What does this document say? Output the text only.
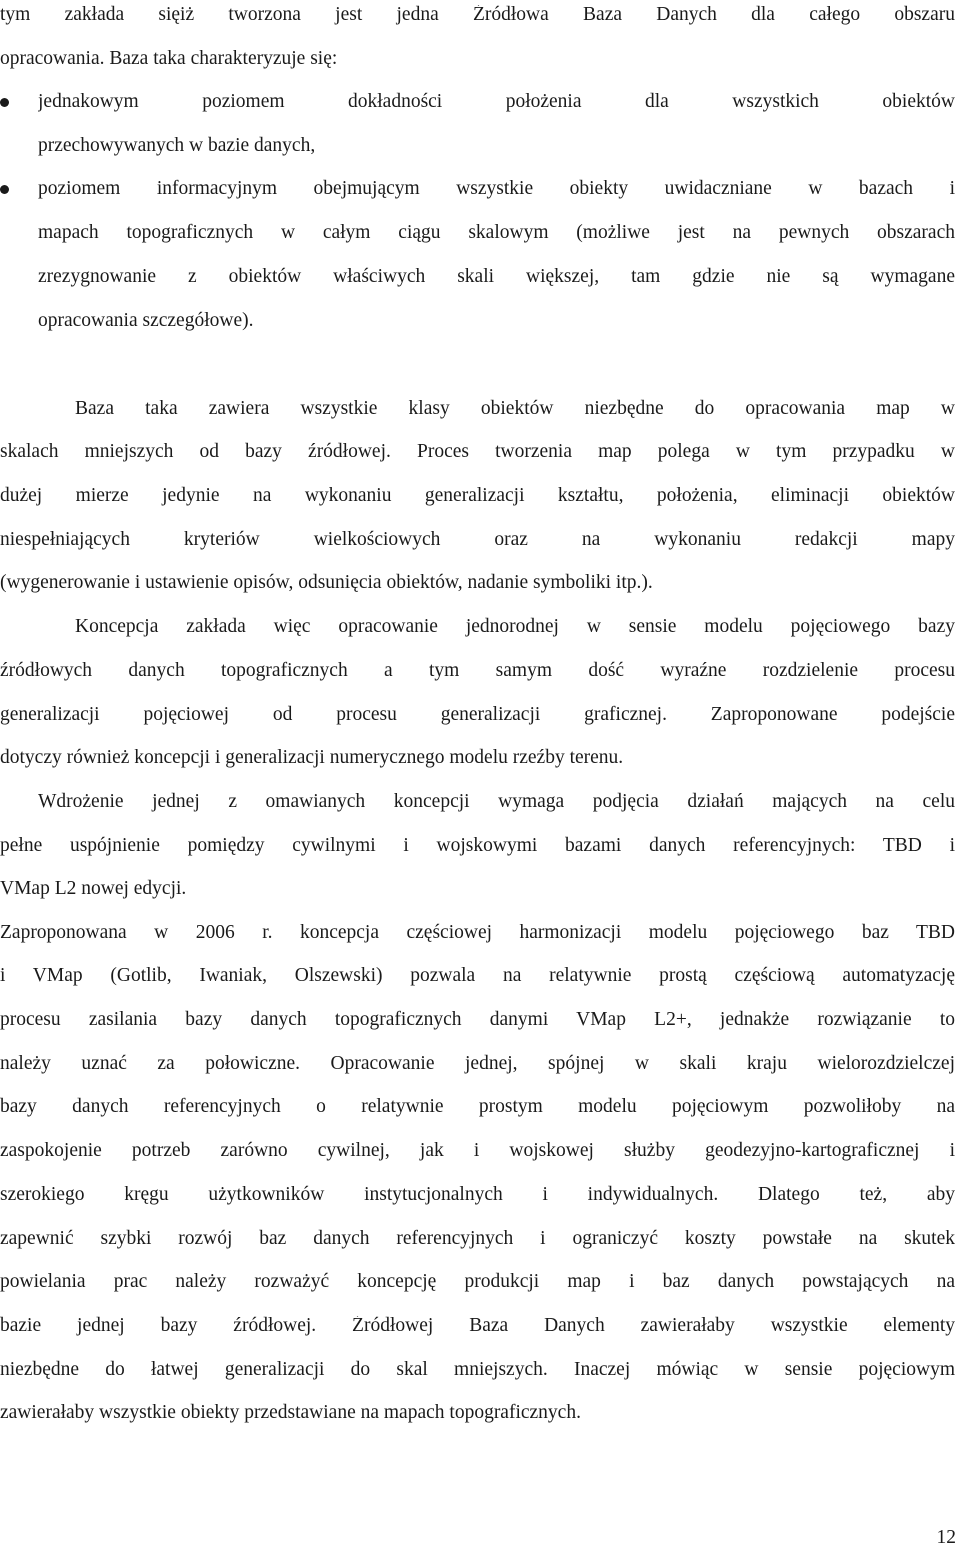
tym zakłada sięiż tworzona jest jedna Źródłowa Baza Danych dla całego obszaru
opracowania. Baza taka charakteryzuje się:
jednakowym poziomem dokładności położenia dla wszystkich obiektów
przechowywanych w bazie danych,
poziomem informacyjnym obejmującym wszystkie obiekty uwidaczniane w bazach i
mapach topograficznych w całym ciągu skalowym (możliwe jest na pewnych obszarach
zrezygnowanie z obiektów właściwych skali większej, tam gdzie nie są wymagane
opracowania szczegółowe).
Baza taka zawiera wszystkie klasy obiektów niezbędne do opracowania map w
skalach mniejszych od bazy źródłowej. Proces tworzenia map polega w tym przypadku w
dużej mierze jedynie na wykonaniu generalizacji kształtu, położenia, eliminacji obiektów
niespełniających kryteriów wielkościowych oraz na wykonaniu redakcji mapy
(wygenerowanie i ustawienie opisów, odsunięcia obiektów, nadanie symboliki itp.).
Koncepcja zakłada więc opracowanie jednorodnej w sensie modelu pojęciowego bazy
źródłowych danych topograficznych a tym samym dość wyraźne rozdzielenie procesu
generalizacji pojęciowej od procesu generalizacji graficznej. Zaproponowane podejście
dotyczy również koncepcji i generalizacji numerycznego modelu rzeźby terenu.
Wdrożenie jednej z omawianych koncepcji wymaga podjęcia działań mających na celu
pełne uspójnienie pomiędzy cywilnymi i wojskowymi bazami danych referencyjnych: TBD i
VMap L2 nowej edycji.
Zaproponowana w 2006 r. koncepcja częściowej harmonizacji modelu pojęciowego baz TBD
i VMap (Gotlib, Iwaniak, Olszewski) pozwala na relatywnie prostą częściową automatyzację
procesu zasilania bazy danych topograficznych danymi VMap L2+, jednakże rozwiązanie to
należy uznać za połowiczne. Opracowanie jednej, spójnej w skali kraju wielorozdzielczej
bazy danych referencyjnych o relatywnie prostym modelu pojęciowym pozwoliłoby na
zaspokojenie potrzeb zarówno cywilnej, jak i wojskowej służby geodezyjno-kartograficznej i
szerokiego kręgu użytkowników instytucjonalnych i indywidualnych. Dlatego też, aby
zapewnić szybki rozwój baz danych referencyjnych i ograniczyć koszty powstałe na skutek
powielania prac należy rozważyć koncepcję produkcji map i baz danych powstających na
bazie jednej bazy źródłowej. Źródłowej Baza Danych zawierałaby wszystkie elementy
niezbędne do łatwej generalizacji do skal mniejszych. Inaczej mówiąc w sensie pojęciowym
zawierałaby wszystkie obiekty przedstawiane na mapach topograficznych.
12
